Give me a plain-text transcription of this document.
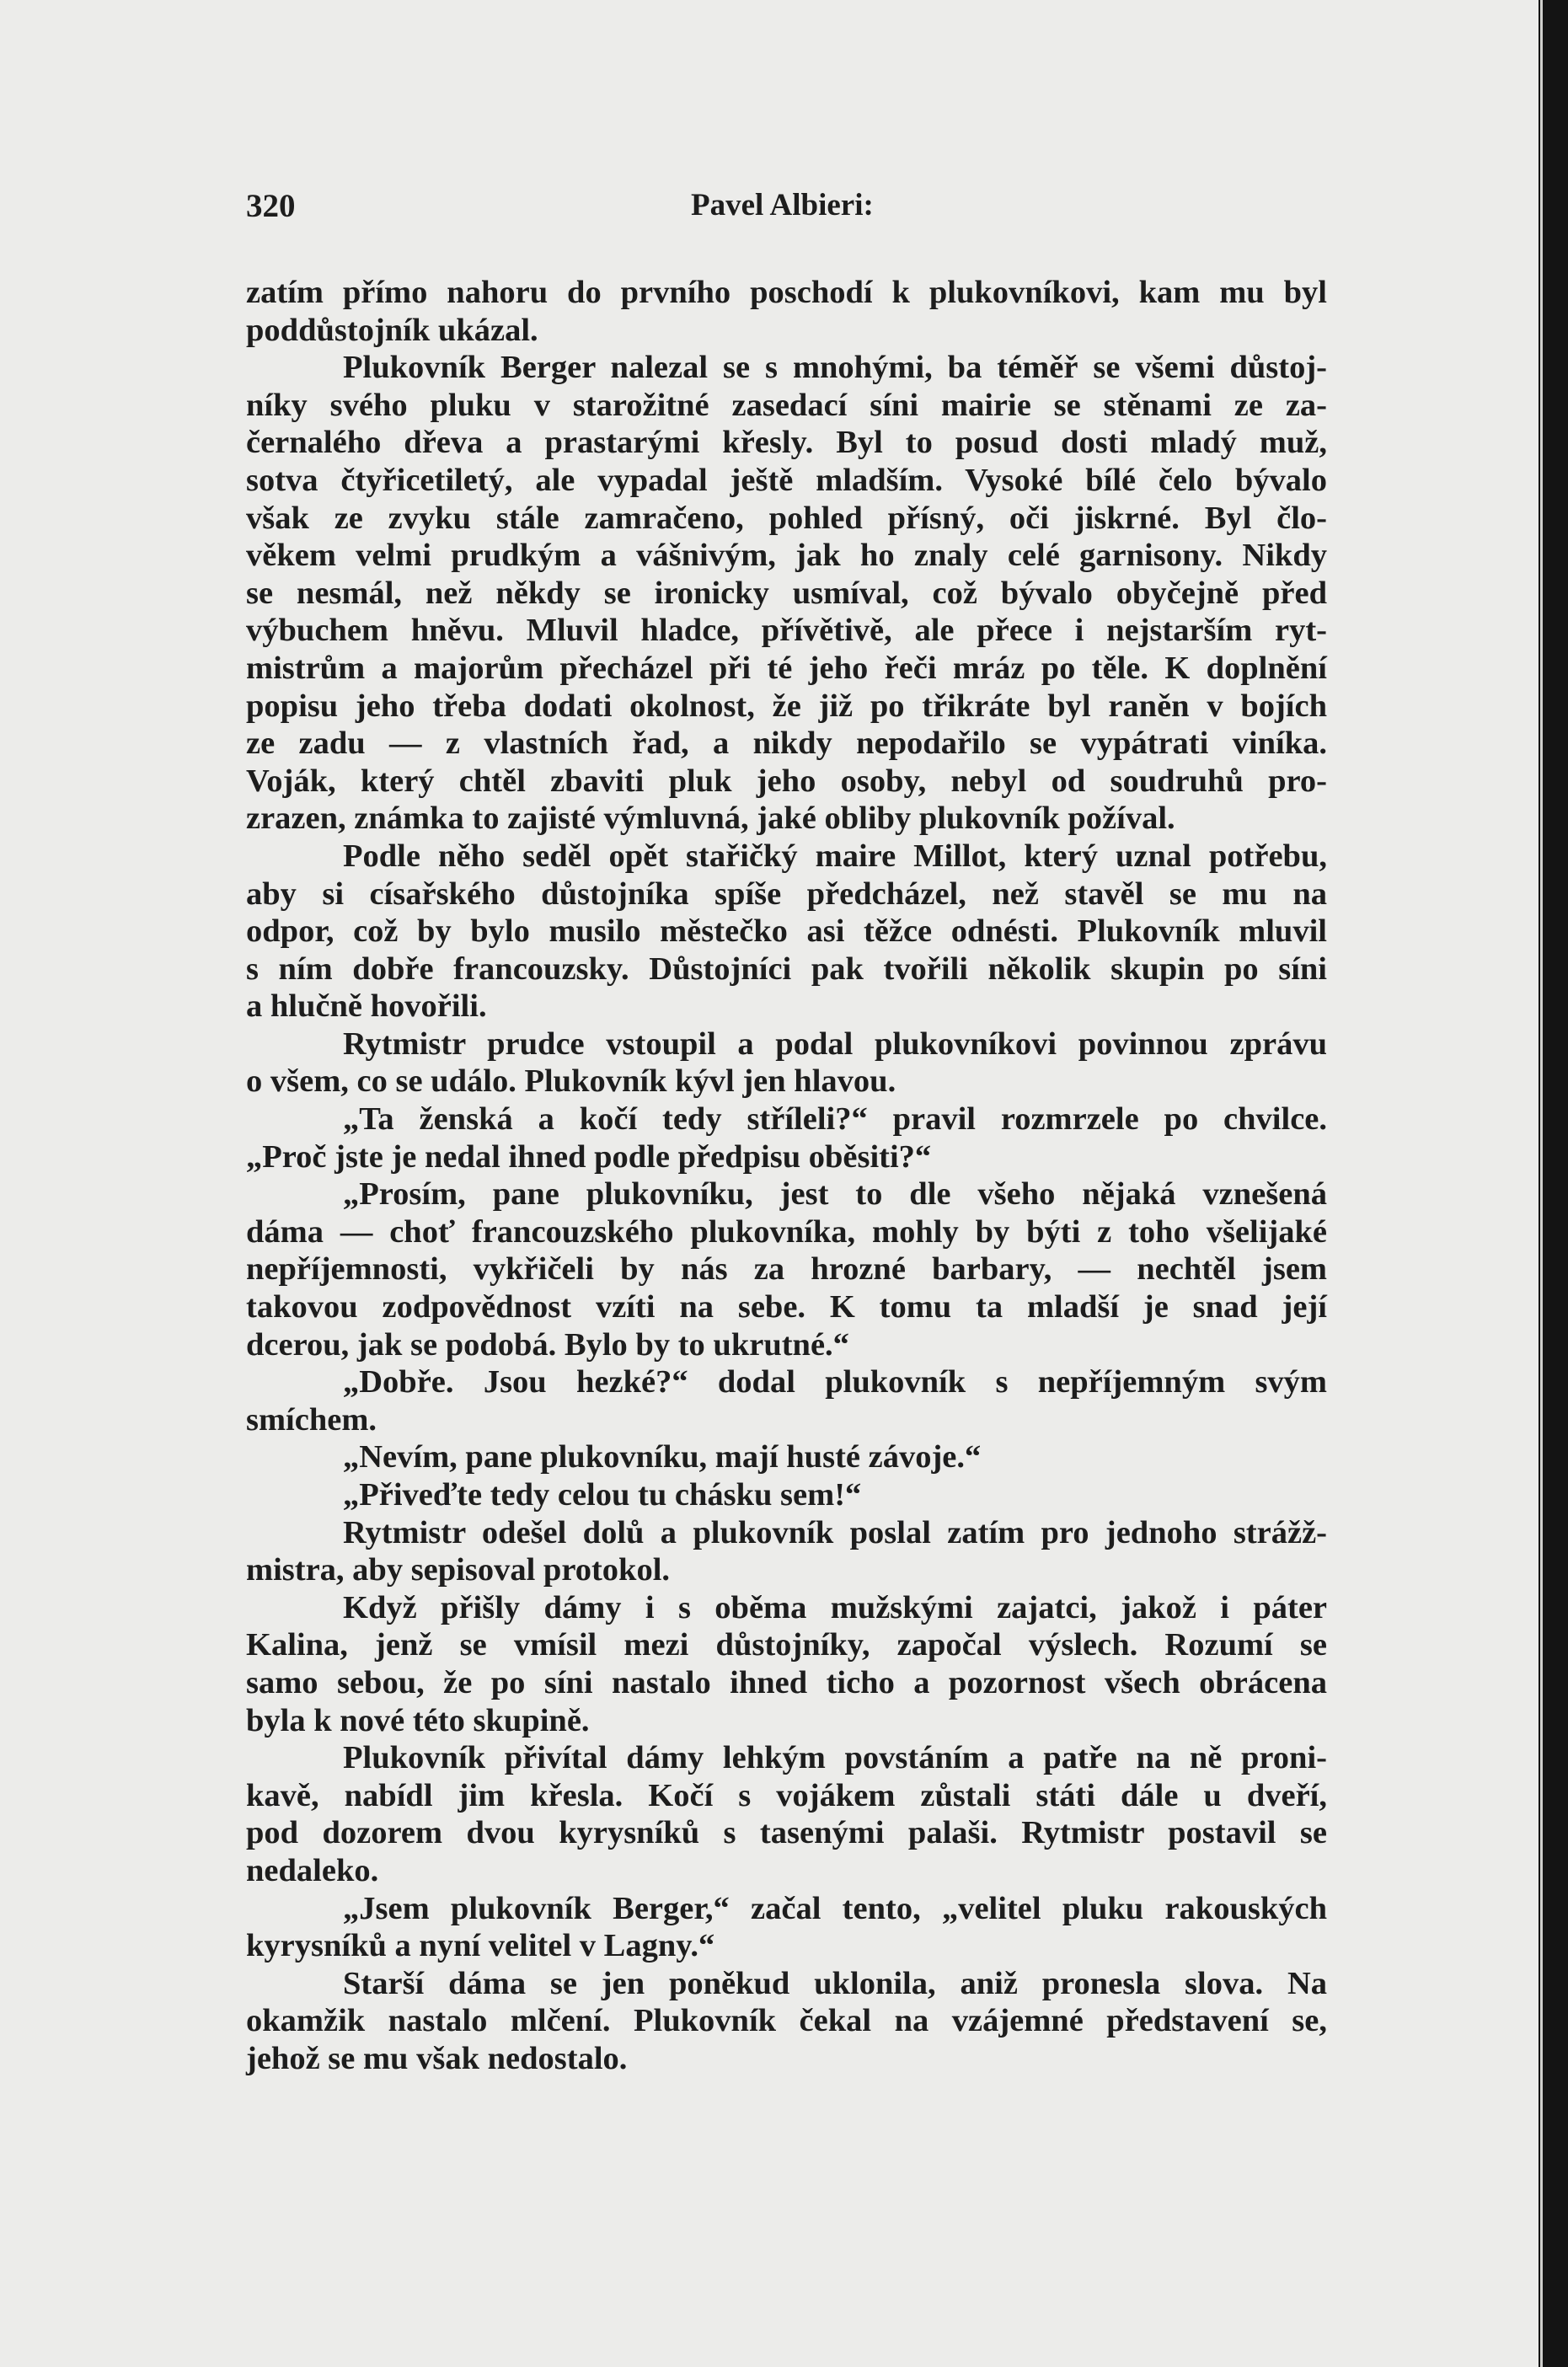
320	Pavel Albieri:

zatím přímo nahoru do prvního poschodí k plukovníkovi, kam mu byl
poddůstojník ukázal.

Plukovník Berger nalezal se s mnohými, ba téměř se všemi důstoj-
níky svého pluku v starožitné zasedací síni mairie se stěnami ze za-
černalého dřeva a prastarými křesly. Byl to posud dosti mladý muž,
sotva čtyřicetiletý, ale vypadal ještě mladším. Vysoké bílé čelo bývalo
však ze zvyku stále zamračeno, pohled přísný, oči jiskrné. Byl člo-
věkem velmi prudkým a vášnivým, jak ho znaly celé garnisony. Nikdy
se nesmál, než někdy se ironicky usmíval, což bývalo obyčejně před
výbuchem hněvu. Mluvil hladce, přívětivě, ale přece i nejstarším ryt-
mistrům a majorům přecházel při té jeho řeči mráz po těle. K doplnění
popisu jeho třeba dodati okolnost, že již po třikráte byl raněn v bojích
ze zadu — z vlastních řad, a nikdy nepodařilo se vypátrati viníka.
Voják, který chtěl zbaviti pluk jeho osoby, nebyl od soudruhů pro-
zrazen, známka to zajisté výmluvná, jaké obliby plukovník požíval.

Podle něho seděl opět stařičký maire Millot, který uznal potřebu,
aby si císařského důstojníka spíše předcházel, než stavěl se mu na
odpor, což by bylo musilo městečko asi těžce odnésti. Plukovník mluvil
s ním dobře francouzsky. Důstojníci pak tvořili několik skupin po síni
a hlučně hovořili.

Rytmistr prudce vstoupil a podal plukovníkovi povinnou zprávu
o všem, co se událo. Plukovník kývl jen hlavou.

„Ta ženská a kočí tedy stříleli?“ pravil rozmrzele po chvilce.
„Proč jste je nedal ihned podle předpisu oběsiti?“

„Prosím, pane plukovníku, jest to dle všeho nějaká vznešená
dáma — choť francouzského plukovníka, mohly by býti z toho všelijaké
nepříjemnosti, vykřičeli by nás za hrozné barbary, — nechtěl jsem
takovou zodpovědnost vzíti na sebe. K tomu ta mladší je snad její
dcerou, jak se podobá. Bylo by to ukrutné.“

„Dobře. Jsou hezké?“ dodal plukovník s nepříjemným svým
smíchem.

„Nevím, pane plukovníku, mají husté závoje.“

„Přiveďte tedy celou tu chásku sem!“

Rytmistr odešel dolů a plukovník poslal zatím pro jednoho strážž-
mistra, aby sepisoval protokol.

Když přišly dámy i s oběma mužskými zajatci, jakož i páter
Kalina, jenž se vmísil mezi důstojníky, započal výslech. Rozumí se
samo sebou, že po síni nastalo ihned ticho a pozornost všech obrácena
byla k nové této skupině.

Plukovník přivítal dámy lehkým povstáním a patře na ně proni-
kavě, nabídl jim křesla. Kočí s vojákem zůstali státi dále u dveří,
pod dozorem dvou kyrysníků s tasenými palaši. Rytmistr postavil se
nedaleko.

„Jsem plukovník Berger,“ začal tento, „velitel pluku rakouských
kyrysníků a nyní velitel v Lagny.“

Starší dáma se jen poněkud uklonila, aniž pronesla slova. Na
okamžik nastalo mlčení. Plukovník čekal na vzájemné představení se,
jehož se mu však nedostalo.
